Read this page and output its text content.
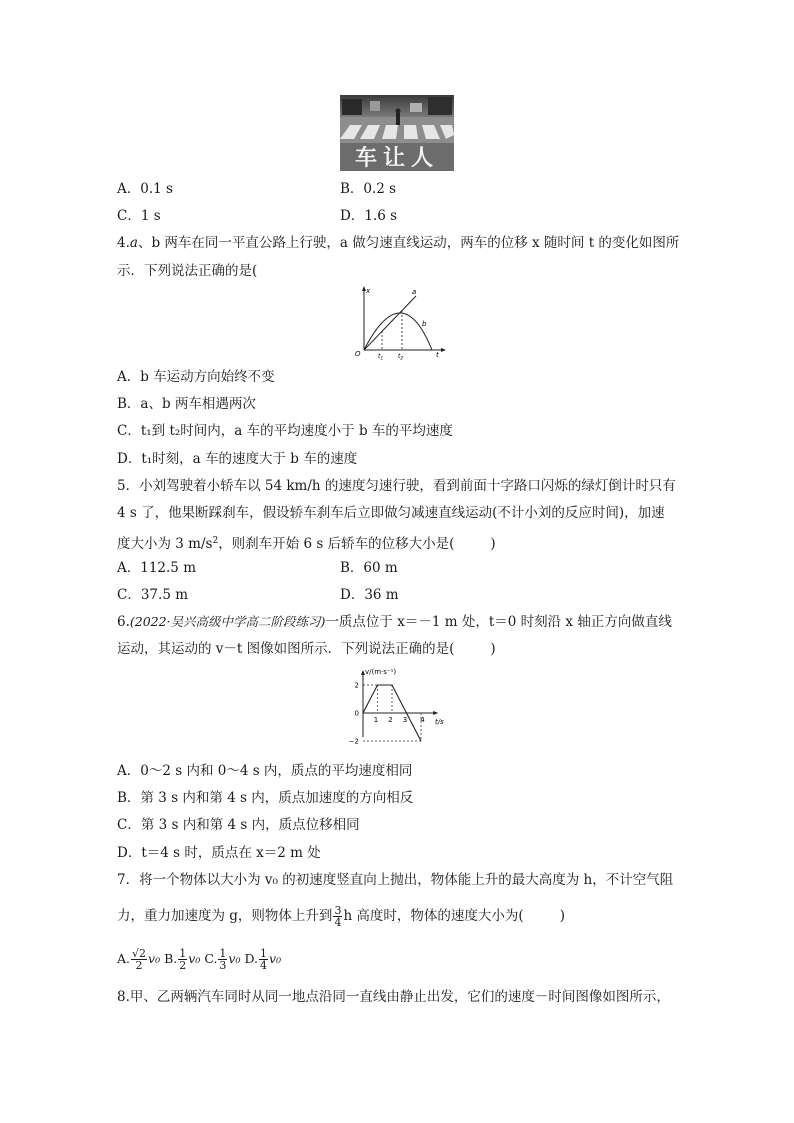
车让人
A．0.1 s	B．0.2 s
C．1 s	D．1.6 s
4.a、b 两车在同一平直公路上行驶，a 做匀速直线运动，两车的位移 x 随时间 t 的变化如图所
示．下列说法正确的是(
x
t
O
a
b
$t_1$ $t_2$
A．b 车运动方向始终不变
B．a、b 两车相遇两次
C．t₁到 t₂时间内，a 车的平均速度小于 b 车的平均速度
D．t₁时刻，a 车的速度大于 b 车的速度
5．小刘驾驶着小轿车以 54 km/h 的速度匀速行驶，看到前面十字路口闪烁的绿灯倒计时只有
4 s 了，他果断踩刹车，假设轿车刹车后立即做匀减速直线运动(不计小刘的反应时间)，加速
度大小为 3 $m/s^2$，则刹车开始 6 s 后轿车的位移大小是(	)
A．112.5 m	B．60 m
C．37.5 m	D．36 m
6.(2022·吴兴高级中学高二阶段练习)一质点位于 x＝－1 m 处，t＝0 时刻沿 x 轴正方向做直线
运动，其运动的 v－t 图像如图所示．下列说法正确的是(	)
v/(m·s⁻¹)
t/s
2
0
−2
1 2 3 4
A．0～2 s 内和 0～4 s 内，质点的平均速度相同
B．第 3 s 内和第 4 s 内，质点加速度的方向相反
C．第 3 s 内和第 4 s 内，质点位移相同
D．t＝4 s 时，质点在 x＝2 m 处
7．将一个物体以大小为 v₀ 的初速度竖直向上抛出，物体能上升的最大高度为 h，不计空气阻
力，重力加速度为 g，则物体上升到 $\frac{3}{4}$ h 高度时，物体的速度大小为(	)
A. $\frac{√2}{2} v_0$ B. $\frac{1}{2} v_0$ C. $\frac{1}{3} v_0$ D. $\frac{1}{4} v_0$
8.甲、乙两辆汽车同时从同一地点沿同一直线由静止出发，它们的速度－时间图像如图所示，
